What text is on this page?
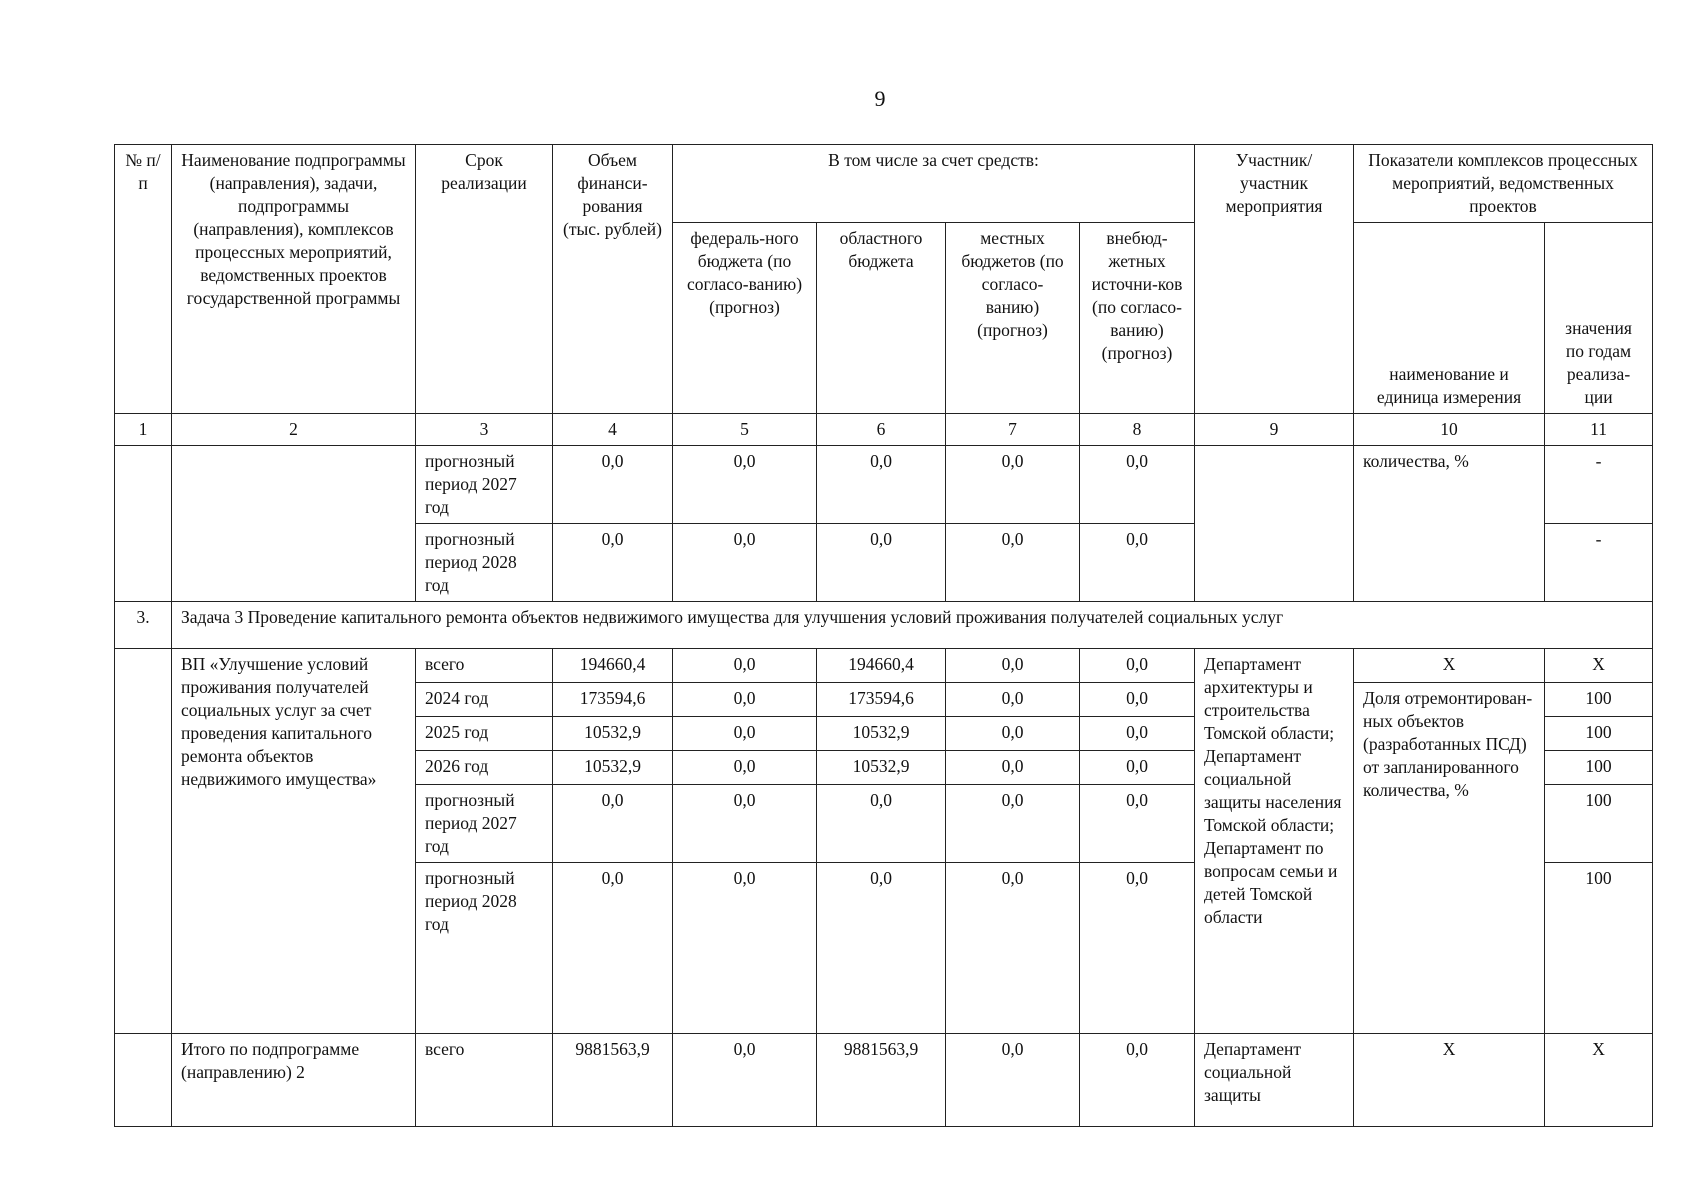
9
№ п/п	Наименование подпрограммы (направления), задачи, подпрограммы (направления), комплексов процессных мероприятий, ведомственных проектов государственной программы	Срок реализации	Объем финанси-рования (тыс. рублей)	В том числе за счет средств:				Участник/ участник мероприятия	Показатели комплексов процессных мероприятий, ведомственных проектов	
				федераль-ного бюджета (по согласо-ванию) (прогноз)	областного бюджета	местных бюджетов (по согласо-ванию) (прогноз)	внебюд-жетных источни-ков (по согласо-ванию) (прогноз)		наименование и единица измерения	значения по годам реализа-ции
1	2	3	4	5	6	7	8	9	10	11
		прогнозный период 2027 год	0,0	0,0	0,0	0,0	0,0		количества, %	-
		прогнозный период 2028 год	0,0	0,0	0,0	0,0	0,0			-
3.	Задача 3 Проведение капитального ремонта объектов недвижимого имущества для улучшения условий проживания получателей социальных услуг									
	ВП «Улучшение условий проживания получателей социальных услуг за счет проведения капитального ремонта объектов недвижимого имущества»	всего	194660,4	0,0	194660,4	0,0	0,0	Департамент архитектуры и строительства Томской области; Департамент социальной защиты населения Томской области; Департамент по вопросам семьи и детей Томской области	Х	Х
		2024 год	173594,6	0,0	173594,6	0,0	0,0		Доля отремонтирован-ных объектов (разработанных ПСД) от запланированного количества, %	100
		2025 год	10532,9	0,0	10532,9	0,0	0,0			100
		2026 год	10532,9	0,0	10532,9	0,0	0,0			100
		прогнозный период 2027 год	0,0	0,0	0,0	0,0	0,0			100
		прогнозный период 2028 год	0,0	0,0	0,0	0,0	0,0			100
	Итого по подпрограмме (направлению) 2	всего	9881563,9	0,0	9881563,9	0,0	0,0	Департамент социальной защиты	Х	Х
